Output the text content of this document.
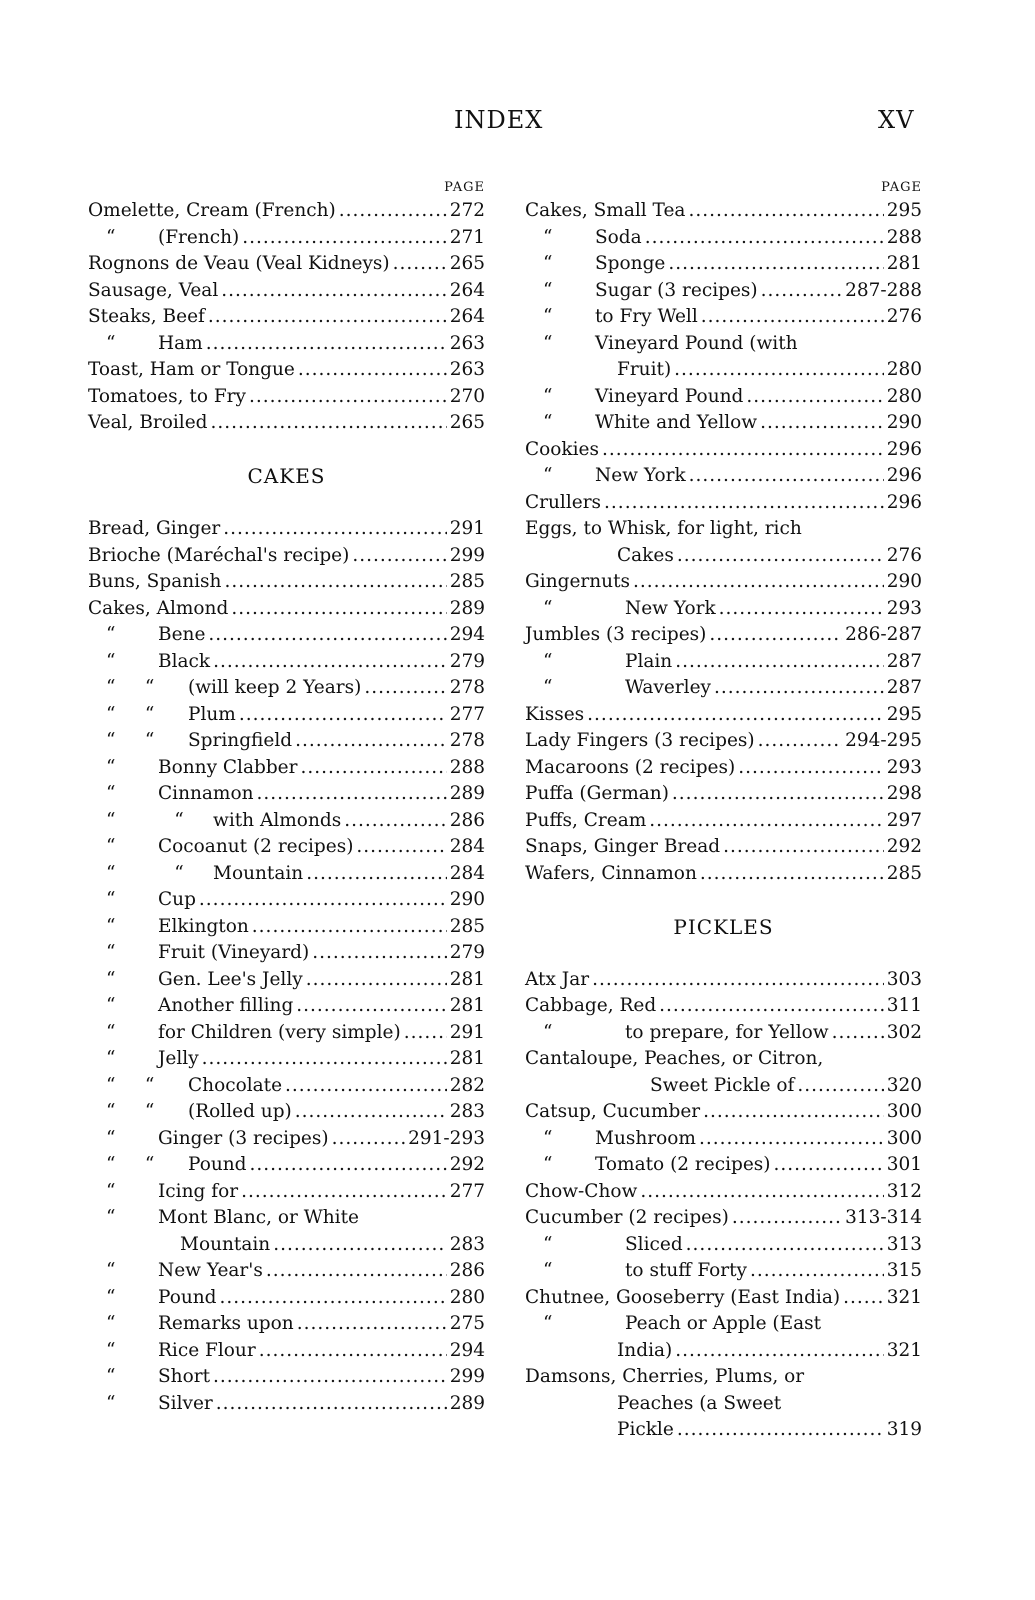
INDEX	XV
PAGE
Omelette, Cream (French) .....	272
“ (French) .....	271
Rognons de Veau (Veal Kidneys) .....	265
Sausage, Veal .....	264
Steaks, Beef .....	264
“ Ham .....	263
Toast, Ham or Tongue .....	263
Tomatoes, to Fry .....	270
Veal, Broiled .....	265
CAKES
Bread, Ginger .....	291
Brioche (Maréchal's recipe) .....	299
Buns, Spanish .....	285
Cakes, Almond .....	289
“ Bene .....	294
“ Black .....	279
“     “ (will keep 2 Years) .....	278
“     “ Plum .....	277
“     “ Springfield .....	278
“ Bonny Clabber .....	288
“ Cinnamon .....	289
“          “ with Almonds .....	286
“ Cocoanut (2 recipes) .....	284
“          “ Mountain .....	284
“ Cup .....	290
“ Elkington .....	285
“ Fruit (Vineyard) .....	279
“ Gen. Lee's Jelly .....	281
“ Another filling .....	281
“ for Children (very simple) .....	291
“ Jelly .....	281
“     “ Chocolate .....	282
“     “ (Rolled up) .....	283
“ Ginger (3 recipes) .....	291-293
“     “ Pound .....	292
“ Icing for .....	277
“ Mont Blanc, or White
Mountain .....	283
“ New Year's .....	286
“ Pound .....	280
“ Remarks upon .....	275
“ Rice Flour .....	294
“ Short .....	299
“ Silver .....	289
PAGE
Cakes, Small Tea .....	295
“ Soda .....	288
“ Sponge .....	281
“ Sugar (3 recipes) .....	287-288
“ to Fry Well .....	276
“ Vineyard Pound (with
Fruit) .....	280
“ Vineyard Pound .....	280
“ White and Yellow .....	290
Cookies .....	296
“ New York .....	296
Crullers .....	296
Eggs, to Whisk, for light, rich
Cakes .....	276
Gingernuts .....	290
“	New York .....	293
Jumbles (3 recipes) .....	286-287
“	Plain .....	287
“	Waverley .....	287
Kisses .....	295
Lady Fingers (3 recipes) .....	294-295
Macaroons (2 recipes) .....	293
Puffa (German) .....	298
Puffs, Cream .....	297
Snaps, Ginger Bread .....	292
Wafers, Cinnamon .....	285
PICKLES
Atx Jar .....	303
Cabbage, Red .....	311
“	to prepare, for Yellow .....	302
Cantaloupe, Peaches, or Citron,
Sweet Pickle of .....	320
Catsup, Cucumber .....	300
“ Mushroom .....	300
“ Tomato (2 recipes) .....	301
Chow-Chow .....	312
Cucumber (2 recipes) .....	313-314
“	Sliced .....	313
“	to stuff Forty .....	315
Chutnee, Gooseberry (East India) .....	321
“	Peach or Apple (East
India) .....	321
Damsons, Cherries, Plums, or
Peaches (a Sweet
Pickle .....	319
